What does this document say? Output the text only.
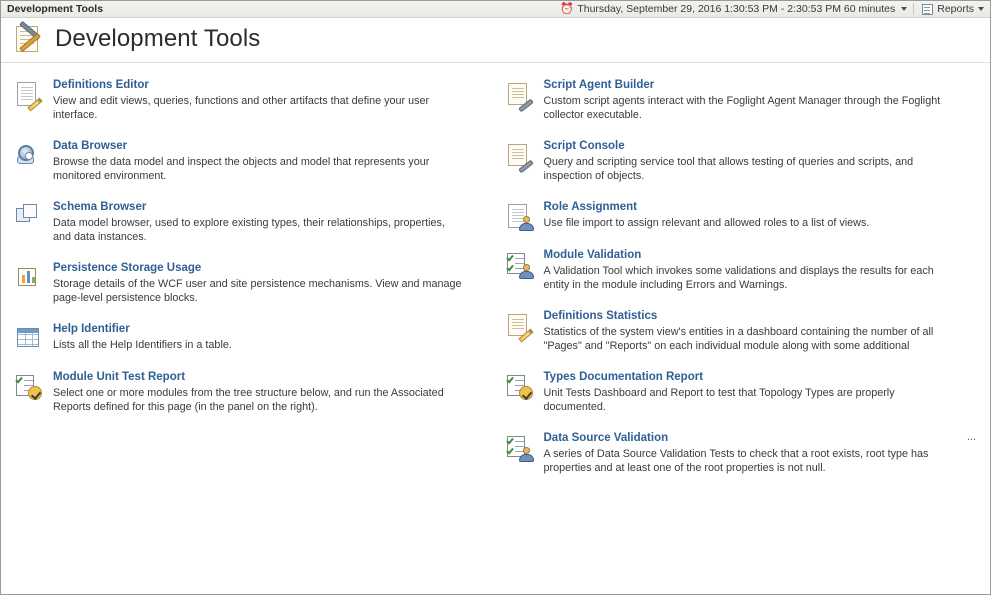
Development Tools	⏰ Thursday, September 29, 2016 1:30:53 PM - 2:30:53 PM 60 minutes	Reports
Development Tools
Definitions Editor
View and edit views, queries, functions and other artifacts that define your user interface.
Data Browser
Browse the data model and inspect the objects and model that represents your monitored environment.
Schema Browser
Data model browser, used to explore existing types, their relationships, properties, and data instances.
Persistence Storage Usage
Storage details of the WCF user and site persistence mechanisms. View and manage page-level persistence blocks.
Help Identifier
Lists all the Help Identifiers in a table.
Module Unit Test Report
Select one or more modules from the tree structure below, and run the Associated Reports defined for this page (in the panel on the right).
Script Agent Builder
Custom script agents interact with the Foglight Agent Manager through the Foglight collector executable.
Script Console
Query and scripting service tool that allows testing of queries and scripts, and inspection of objects.
Role Assignment
Use file import to assign relevant and allowed roles to a list of views.
Module Validation
A Validation Tool which invokes some validations and displays the results for each entity in the module including Errors and Warnings.
Definitions Statistics
Statistics of the system view's entities in a dashboard containing the number of all "Pages" and "Reports" on each individual module along with some additional
...
Types Documentation Report
Unit Tests Dashboard and Report to test that Topology Types are properly documented.
Data Source Validation
A series of Data Source Validation Tests to check that a root exists, root type has properties and at least one of the root properties is not null.
